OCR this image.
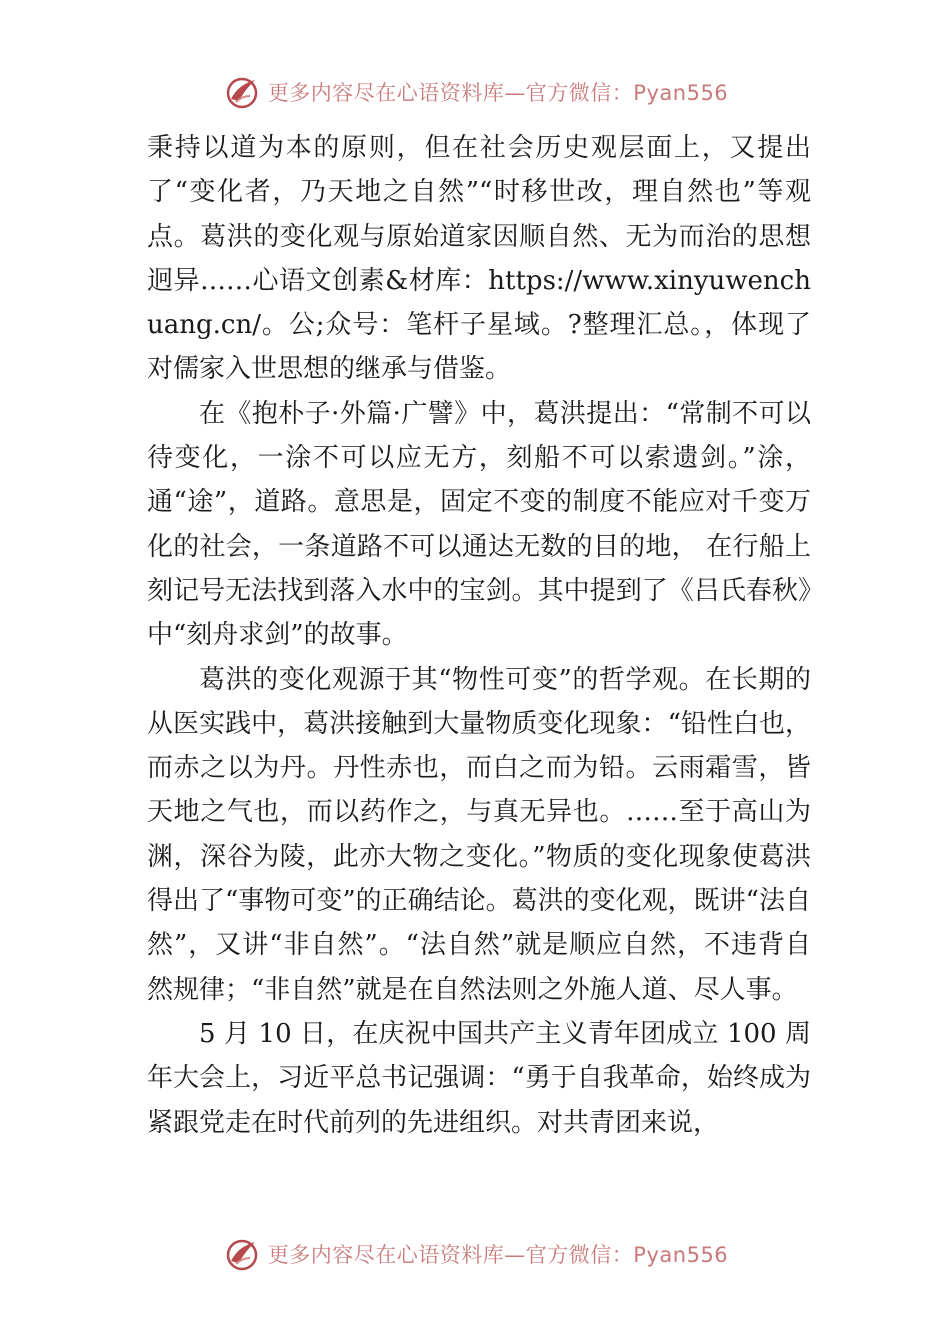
更多内容尽在心语资料库—官方微信：Pyan556

秉持以道为本的原则，但在社会历史观层面上，又提出了“变化者，乃天地之自然”“时移世改，理自然也”等观点。葛洪的变化观与原始道家因顺自然、无为而治的思想迥异……心语文创素&材库：https://www.xinyuwenchuang.cn/。公;众号：笔杆子星域。?整理汇总。，体现了对儒家入世思想的继承与借鉴。

在《抱朴子·外篇·广譬》中，葛洪提出：“常制不可以待变化，一涂不可以应无方，刻船不可以索遗剑。”涂，通“途”，道路。意思是，固定不变的制度不能应对千变万化的社会，一条道路不可以通达无数的目的地， 在行船上刻记号无法找到落入水中的宝剑。其中提到了《吕氏春秋》中“刻舟求剑”的故事。

葛洪的变化观源于其“物性可变”的哲学观。在长期的从医实践中，葛洪接触到大量物质变化现象：“铅性白也，而赤之以为丹。丹性赤也，而白之而为铅。云雨霜雪，皆天地之气也，而以药作之，与真无异也。……至于高山为渊，深谷为陵，此亦大物之变化。”物质的变化现象使葛洪得出了“事物可变”的正确结论。葛洪的变化观，既讲“法自然”，又讲“非自然”。“法自然”就是顺应自然，不违背自然规律；“非自然”就是在自然法则之外施人道、尽人事。

5 月 10 日，在庆祝中国共产主义青年团成立 100 周年大会上，习近平总书记强调：“勇于自我革命，始终成为紧跟党走在时代前列的先进组织。对共青团来说，

更多内容尽在心语资料库—官方微信：Pyan556
